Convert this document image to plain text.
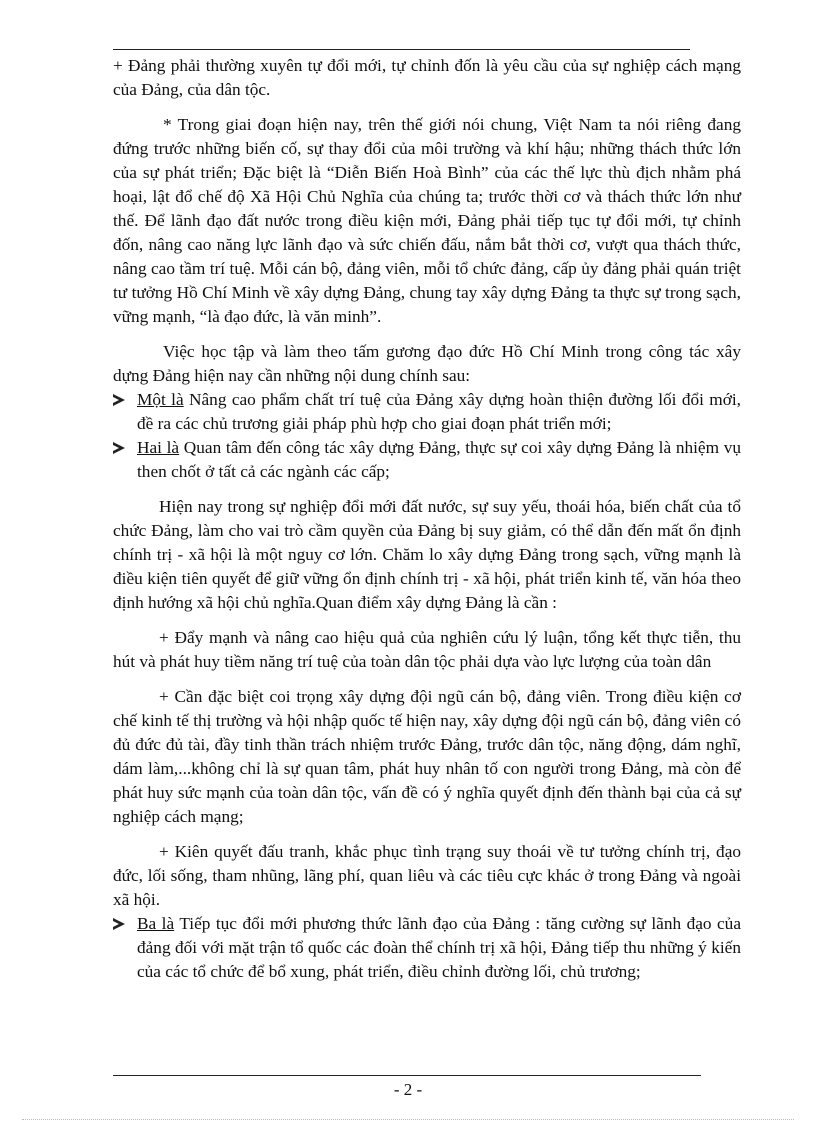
+ Đảng phải thường xuyên tự đổi mới, tự chỉnh đốn là yêu cầu của sự nghiệp cách mạng của Đảng, của dân tộc.

* Trong giai đoạn hiện nay, trên thế giới nói chung, Việt Nam ta nói riêng đang đứng trước những biến cố, sự thay đổi của môi trường và khí hậu; những thách thức lớn của sự phát triển; Đặc biệt là “Diễn Biến Hoà Bình” của các thế lực thù địch nhằm phá hoại, lật đổ chế độ Xã Hội Chủ Nghĩa của chúng ta; trước thời cơ và thách thức lớn như thế. Để lãnh đạo đất nước trong điều kiện mới, Đảng phải tiếp tục tự đổi mới, tự chỉnh đốn, nâng cao năng lực lãnh đạo và sức chiến đấu, nắm bắt thời cơ, vượt qua thách thức, nâng cao tầm trí tuệ. Mỗi cán bộ, đảng viên, mỗi tổ chức đảng, cấp ủy đảng phải quán triệt tư tưởng Hồ Chí Minh về xây dựng Đảng, chung tay xây dựng Đảng ta thực sự trong sạch, vững mạnh, “là đạo đức, là văn minh”.

Việc học tập và làm theo tấm gương đạo đức Hồ Chí Minh trong công tác xây dựng Đảng hiện nay cần những nội dung chính sau:

Một là Nâng cao phẩm chất trí tuệ của Đảng xây dựng hoàn thiện đường lối đổi mới, đề ra các chủ trương giải pháp phù hợp cho giai đoạn phát triển mới;
Hai là Quan tâm đến công tác xây dựng Đảng, thực sự coi xây dựng Đảng là nhiệm vụ then chốt ở tất cả các ngành các cấp;

Hiện nay trong sự nghiệp đổi mới đất nước, sự suy yếu, thoái hóa, biến chất của tổ chức Đảng, làm cho vai trò cầm quyền của Đảng bị suy giảm, có thể dẫn đến mất ổn định chính trị - xã hội là một nguy cơ lớn. Chăm lo xây dựng Đảng trong sạch, vững mạnh là điều kiện tiên quyết để giữ vững ổn định chính trị - xã hội, phát triển kinh tế, văn hóa theo định hướng xã hội chủ nghĩa.Quan điểm xây dựng Đảng là cần :

+ Đẩy mạnh và nâng cao hiệu quả của nghiên cứu lý luận, tổng kết thực tiễn, thu hút và phát huy tiềm năng trí tuệ của toàn dân tộc phải dựa vào lực lượng của toàn dân

+ Cần đặc biệt coi trọng xây dựng đội ngũ cán bộ, đảng viên. Trong điều kiện cơ chế kinh tế thị trường và hội nhập quốc tế hiện nay, xây dựng đội ngũ cán bộ, đảng viên có đủ đức đủ tài, đầy tinh thần trách nhiệm trước Đảng, trước dân tộc, năng động, dám nghĩ, dám làm,...không chỉ là sự quan tâm, phát huy nhân tố con người trong Đảng, mà còn để phát huy sức mạnh của toàn dân tộc, vấn đề có ý nghĩa quyết định đến thành bại của cả sự nghiệp cách mạng;

+ Kiên quyết đấu tranh, khắc phục tình trạng suy thoái về tư tưởng chính trị, đạo đức, lối sống, tham nhũng, lãng phí, quan liêu và các tiêu cực khác ở trong Đảng và ngoài xã hội.

Ba là Tiếp tục đổi mới phương thức lãnh đạo của Đảng : tăng cường sự lãnh đạo của đảng đối với mặt trận tổ quốc các đoàn thể chính trị xã hội, Đảng tiếp thu những ý kiến của các tổ chức để bổ xung, phát triển, điều chỉnh đường lối, chủ trương;
- 2 -
